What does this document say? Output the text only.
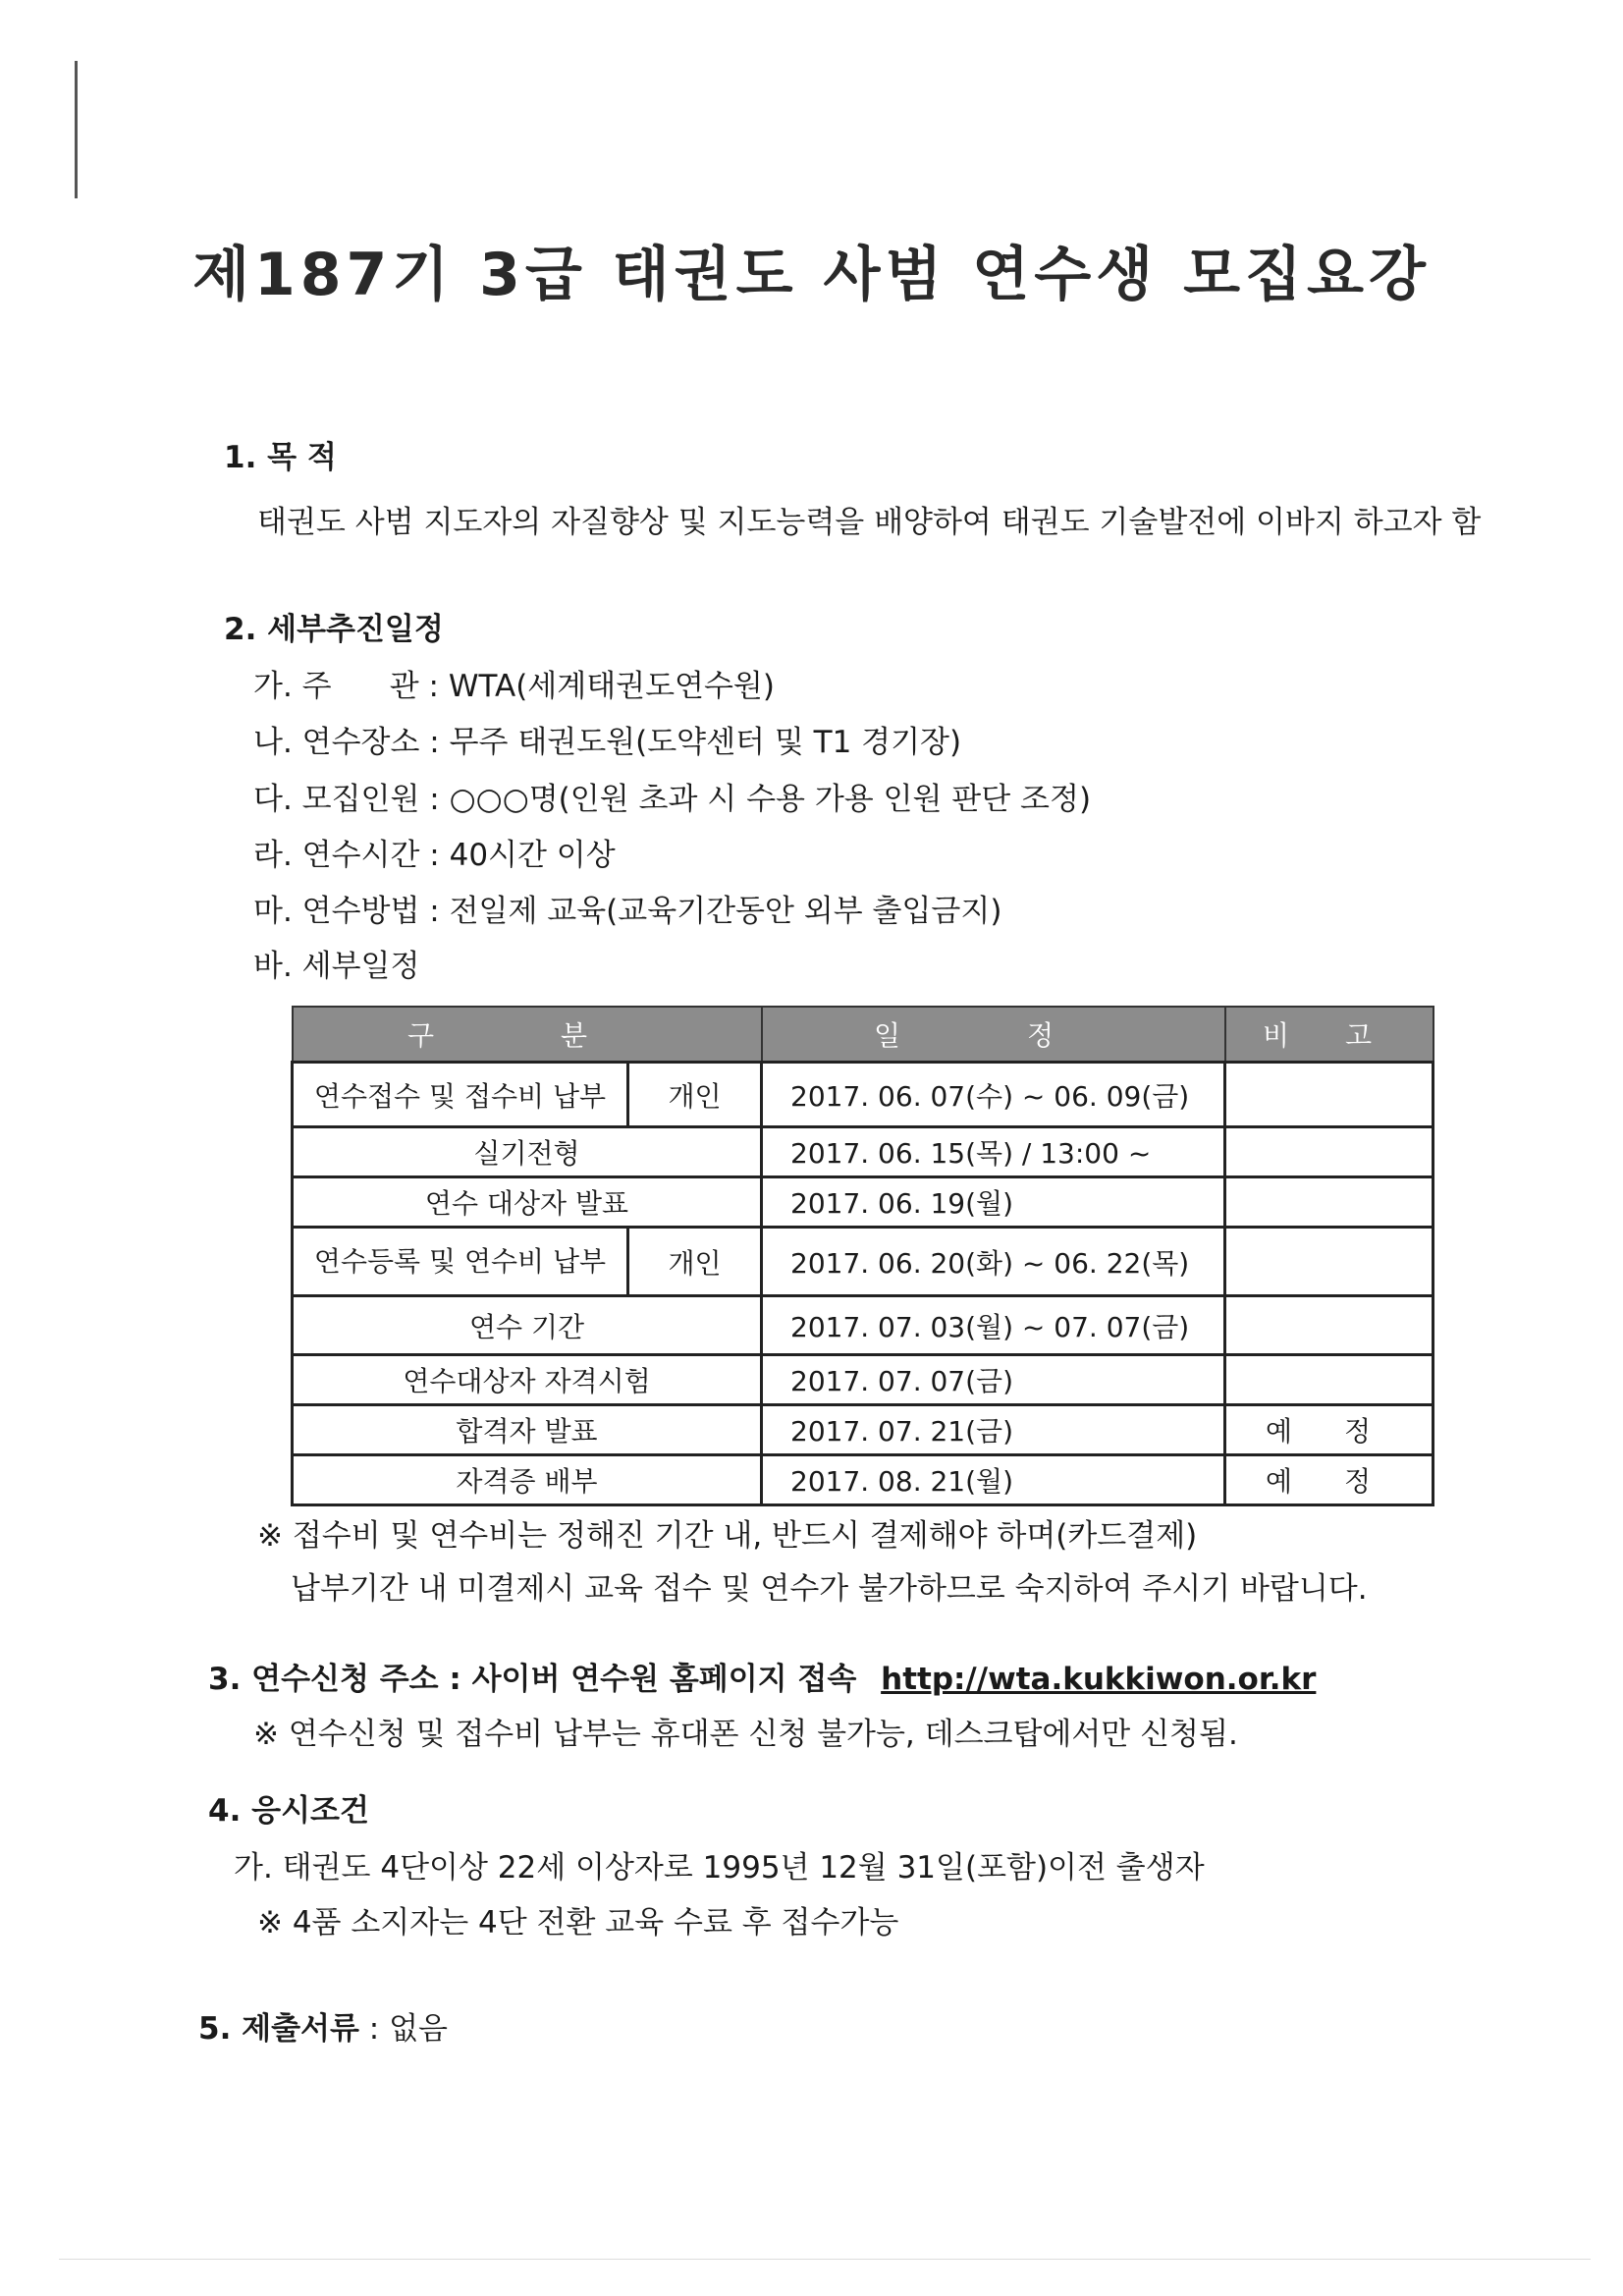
제187기 3급 태권도 사범 연수생 모집요강
1. 목 적
태권도 사범 지도자의 자질향상 및 지도능력을 배양하여 태권도 기술발전에 이바지 하고자 함
2. 세부추진일정
가. 주      관 : WTA(세계태권도연수원)
나. 연수장소 : 무주 태권도원(도약센터 및 T1 경기장)
다. 모집인원 : ○○○명(인원 초과 시 수용 가용 인원 판단 조정)
라. 연수시간 : 40시간 이상
마. 연수방법 : 전일제 교육(교육기간동안 외부 출입금지)
바. 세부일정
구 분		일 정	비 고
연수접수 및 접수비 납부	개인	2017. 06. 07(수) ~ 06. 09(금)	
실기전형		2017. 06. 15(목) / 13:00 ~	
연수 대상자 발표		2017. 06. 19(월)	
연수등록 및 연수비 납부	개인	2017. 06. 20(화) ~ 06. 22(목)	
연수 기간		2017. 07. 03(월) ~ 07. 07(금)	
연수대상자 자격시험		2017. 07. 07(금)	
합격자 발표		2017. 07. 21(금)	예 정
자격증 배부		2017. 08. 21(월)	예 정
※ 접수비 및 연수비는 정해진 기간 내, 반드시 결제해야 하며(카드결제)
납부기간 내 미결제시 교육 접수 및 연수가 불가하므로 숙지하여 주시기 바랍니다.
3. 연수신청 주소 : 사이버 연수원 홈페이지 접속 http://wta.kukkiwon.or.kr
※ 연수신청 및 접수비 납부는 휴대폰 신청 불가능, 데스크탑에서만 신청됨.
4. 응시조건
가. 태권도 4단이상 22세 이상자로 1995년 12월 31일(포함)이전 출생자
※ 4품 소지자는 4단 전환 교육 수료 후 접수가능
5. 제출서류 : 없음
